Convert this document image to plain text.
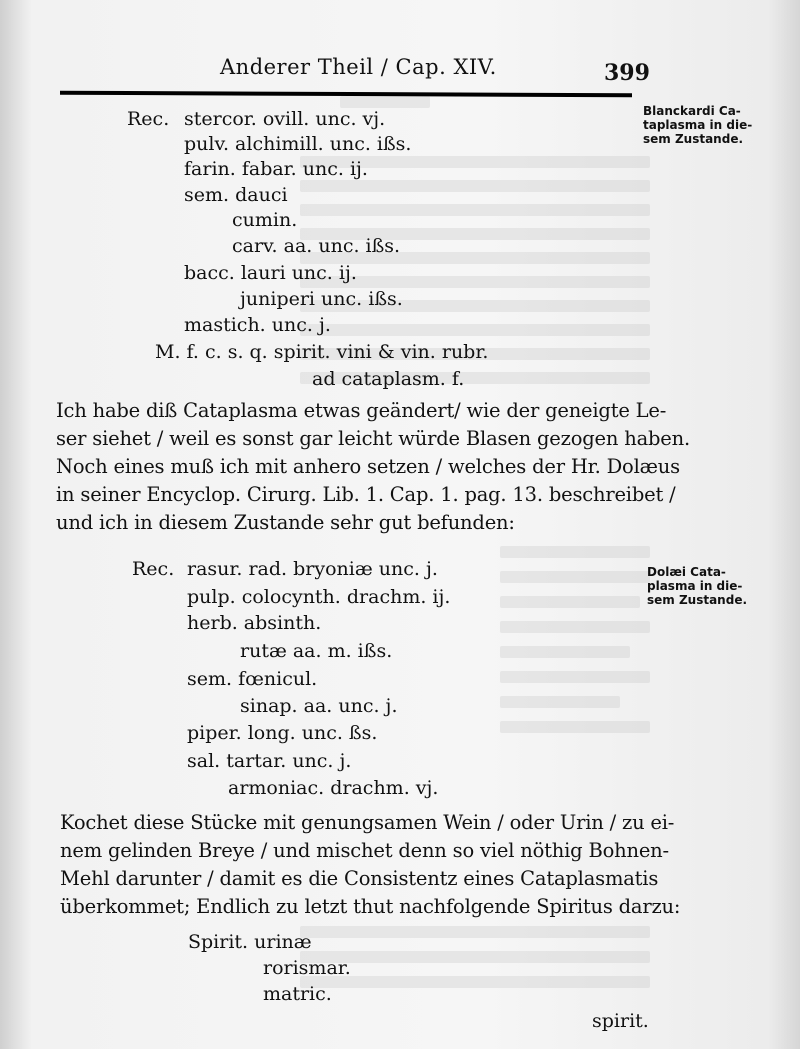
Anderer Theil / Cap. XIV.	399
Rec. stercor. ovill. unc. vj.
pulv. alchimill. unc. ißs.
farin. fabar. unc. ij.
sem. dauci
cumin.
carv. aa. unc. ißs.
bacc. lauri unc. ij.
juniperi unc. ißs.
mastich. unc. j.
M. f. c. s. q. spirit. vini & vin. rubr.
ad cataplasm. f.
Ich habe diß Cataplasma etwas geändert/ wie der geneigte Le-
ser siehet / weil es sonst gar leicht würde Blasen gezogen haben.
Noch eines muß ich mit anhero setzen / welches der Hr. Dolæus
in seiner Encyclop. Cirurg. Lib. 1. Cap. 1. pag. 13. beschreibet /
und ich in diesem Zustande sehr gut befunden:
Rec. rasur. rad. bryoniæ unc. j.
pulp. colocynth. drachm. ij.
herb. absinth.
rutæ aa. m. ißs.
sem. fœnicul.
sinap. aa. unc. j.
piper. long. unc. ßs.
sal. tartar. unc. j.
armoniac. drachm. vj.
Kochet diese Stücke mit genungsamen Wein / oder Urin / zu ei-
nem gelinden Breye / und mischet denn so viel nöthig Bohnen-
Mehl darunter / damit es die Consistentz eines Cataplasmatis
überkommet; Endlich zu letzt thut nachfolgende Spiritus darzu:
Spirit. urinæ
rorismar.
matric.
spirit.
Blanckardi Ca-
taplasma in die-
sem Zustande.
Dolæi Cata-
plasma in die-
sem Zustande.
